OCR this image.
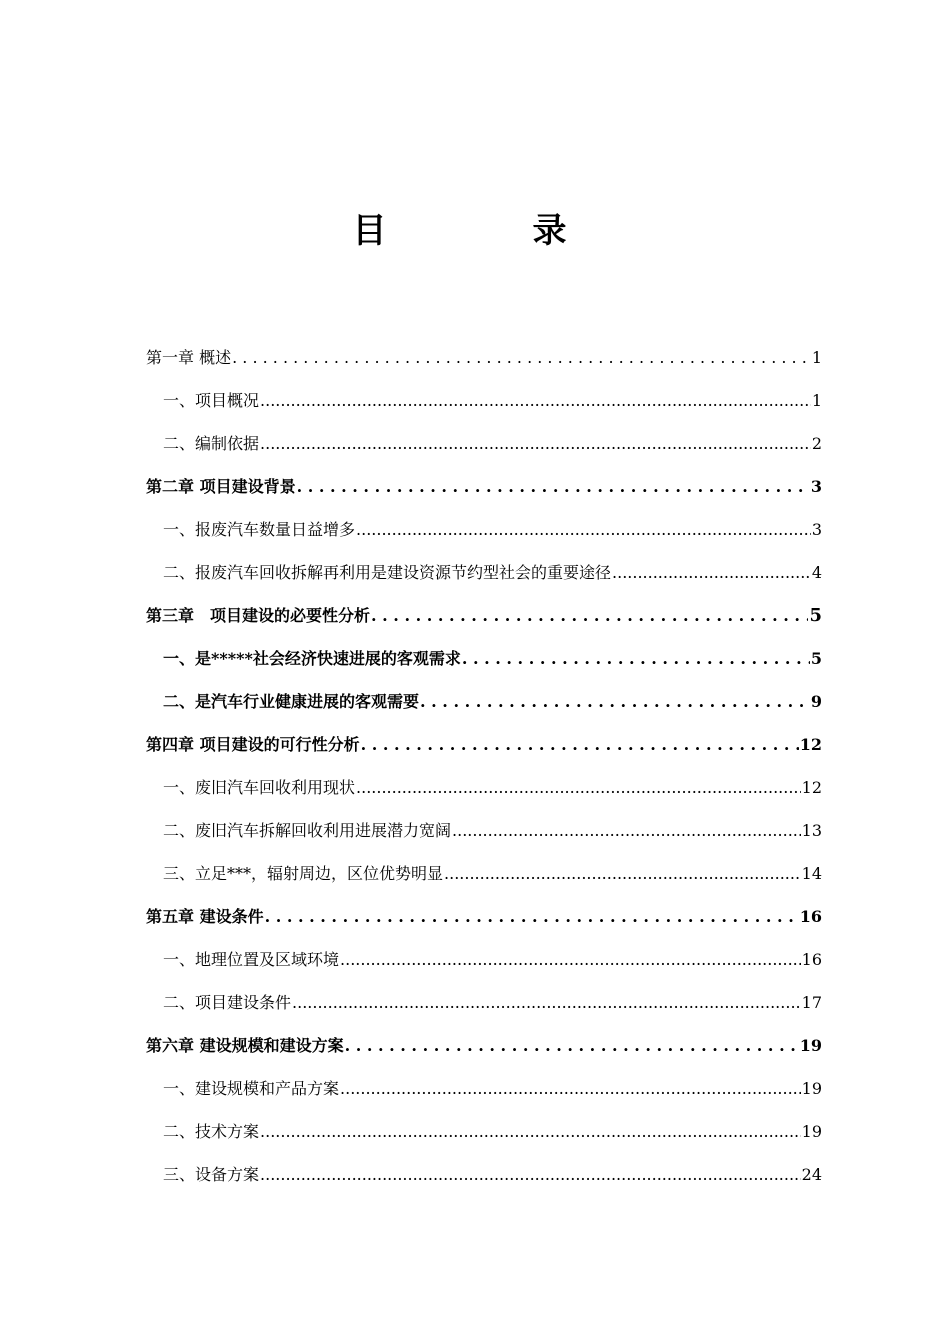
目　录
第一章 概述 . . .	1
一、项目概况 .....	1
二、编制依据 .....	2
第二章 项目建设背景 . . .	3
一、报废汽车数量日益增多 .....	3
二、报废汽车回收拆解再利用是建设资源节约型社会的重要途径 .....	4
第三章　项目建设的必要性分析 . . .	5
一、是*****社会经济快速进展的客观需求 . . .	5
二、是汽车行业健康进展的客观需要 . . .	9
第四章 项目建设的可行性分析 . . .	12
一、废旧汽车回收利用现状 .....	12
二、废旧汽车拆解回收利用进展潜力宽阔 .....	13
三、立足***，辐射周边，区位优势明显 .....	14
第五章 建设条件 . . .	16
一、地理位置及区域环境 .....	16
二、项目建设条件 .....	17
第六章 建设规模和建设方案 . . .	19
一、建设规模和产品方案 .....	19
二、技术方案 .....	19
三、设备方案 .....	24
